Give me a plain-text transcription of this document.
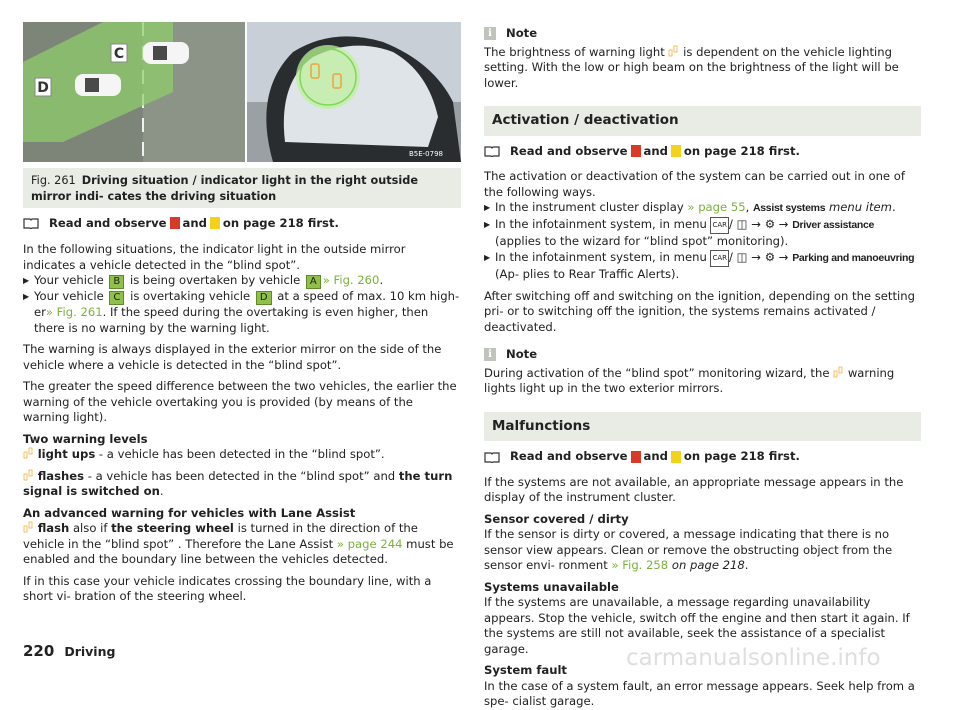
C
D
B5E-0798
Fig. 261 Driving situation / indicator light in the right outside mirror indi- cates the driving situation
Read and observe and on page 218 first.

In the following situations, the indicator light in the outside mirror indicates a vehicle detected in the “blind spot”.

▶ Your vehicle B is being overtaken by vehicle A » Fig. 260.
▶ Your vehicle C is overtaking vehicle D at a speed of max. 10 km high- er» Fig. 261. If the speed during the overtaking is even higher, then there is no warning by the warning light.

The warning is always displayed in the exterior mirror on the side of the vehicle where a vehicle is detected in the “blind spot”.

The greater the speed difference between the two vehicles, the earlier the warning of the vehicle overtaking you is provided (by means of the warning light).

Two warning levels

light ups - a vehicle has been detected in the “blind spot”.

flashes - a vehicle has been detected in the “blind spot” and the turn signal is switched on.

An advanced warning for vehicles with Lane Assist

flash also if the steering wheel is turned in the direction of the vehicle in the “blind spot” . Therefore the Lane Assist » page 244 must be enabled and the boundary line between the vehicles detected.

If in this case your vehicle indicates crossing the boundary line, with a short vi- bration of the steering wheel.

i	Note

The brightness of warning light is dependent on the vehicle lighting setting. With the low or high beam on the brightness of the light will be lower.

Activation / deactivation
Read and observe and on page 218 first.

The activation or deactivation of the system can be carried out in one of the following ways.

▶ In the instrument cluster display » page 55, Assist systems menu item.
▶ In the infotainment system, in menu CAR / ◫ → ⚙ → Driver assistance (applies to the wizard for “blind spot” monitoring).
▶ In the infotainment system, in menu CAR / ◫ → ⚙ → Parking and manoeuvring (Ap- plies to Rear Traffic Alerts).

After switching off and switching on the ignition, depending on the setting pri- or to switching off the ignition, the systems remains activated / deactivated.

i	Note

During activation of the “blind spot” monitoring wizard, the warning lights light up in the two exterior mirrors.

Malfunctions
Read and observe and on page 218 first.

If the systems are not available, an appropriate message appears in the display of the instrument cluster.

Sensor covered / dirty

If the sensor is dirty or covered, a message indicating that there is no sensor view appears. Clean or remove the obstructing object from the sensor envi- ronment » Fig. 258 on page 218.

Systems unavailable

If the systems are unavailable, a message regarding unavailability appears. Stop the vehicle, switch off the engine and then start it again. If the systems are still not available, seek the assistance of a specialist garage.

System fault

In the case of a system fault, an error message appears. Seek help from a spe- cialist garage.

220 Driving	carmanualsonline.info
